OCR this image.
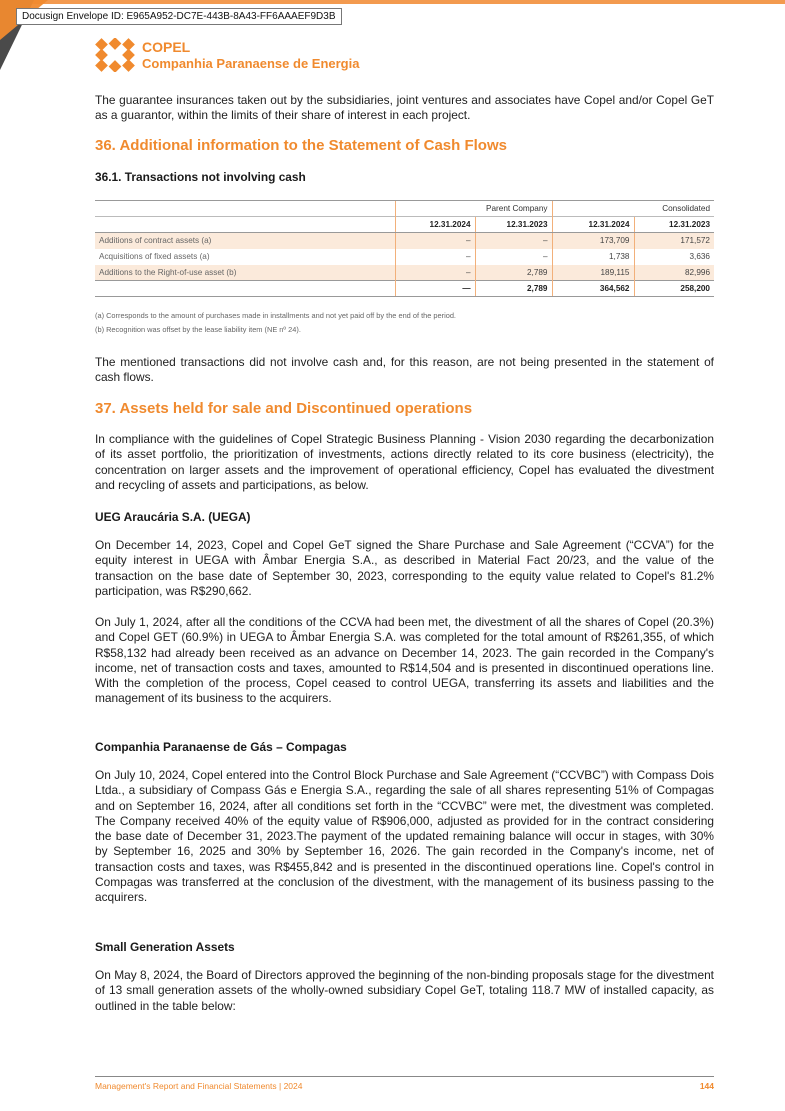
Docusign Envelope ID: E965A952-DC7E-443B-8A43-FF6AAAEF9D3B
COPEL
Companhia Paranaense de Energia

The guarantee insurances taken out by the subsidiaries, joint ventures and associates have Copel and/or Copel GeT as a guarantor, within the limits of their share of interest in each project.

36. Additional information to the Statement of Cash Flows
36.1. Transactions not involving cash
	Parent Company		Consolidated	
	12.31.2024	12.31.2023	12.31.2024	12.31.2023
Additions of contract assets (a)	–	–	173,709	171,572
Acquisitions of fixed assets (a)	–	–	1,738	3,636
Additions to the Right-of-use asset (b)	–	2,789	189,115	82,996
	—	2,789	364,562	258,200
(a) Corresponds to the amount of purchases made in installments and not yet paid off by the end of the period.
(b) Recognition was offset by the lease liability item (NE nº 24).

The mentioned transactions did not involve cash and, for this reason, are not being presented in the statement of cash flows.

37. Assets held for sale and Discontinued operations

In compliance with the guidelines of Copel Strategic Business Planning - Vision 2030 regarding the decarbonization of its asset portfolio, the prioritization of investments, actions directly related to its core business (electricity), the concentration on larger assets and the improvement of operational efficiency, Copel has evaluated the divestment and recycling of assets and participations, as below.

UEG Araucária S.A. (UEGA)

On December 14, 2023, Copel and Copel GeT signed the Share Purchase and Sale Agreement (“CCVA”) for the equity interest in UEGA with Âmbar Energia S.A., as described in Material Fact 20/23, and the value of the transaction on the base date of September 30, 2023, corresponding to the equity value related to Copel's 81.2% participation, was R$290,662.

On July 1, 2024, after all the conditions of the CCVA had been met, the divestment of all the shares of Copel (20.3%) and Copel GET (60.9%) in UEGA to Âmbar Energia S.A. was completed for the total amount of R$261,355, of which R$58,132 had already been received as an advance on December 14, 2023. The gain recorded in the Company's income, net of transaction costs and taxes, amounted to R$14,504 and is presented in discontinued operations line. With the completion of the process, Copel ceased to control UEGA, transferring its assets and liabilities and the management of its business to the acquirers.

Companhia Paranaense de Gás – Compagas

On July 10, 2024, Copel entered into the Control Block Purchase and Sale Agreement (“CCVBC”) with Compass Dois Ltda., a subsidiary of Compass Gás e Energia S.A., regarding the sale of all shares representing 51% of Compagas and on September 16, 2024, after all conditions set forth in the “CCVBC” were met, the divestment was completed. The Company received 40% of the equity value of R$906,000, adjusted as provided for in the contract considering the base date of December 31, 2023.The payment of the updated remaining balance will occur in stages, with 30% by September 16, 2025 and 30% by September 16, 2026. The gain recorded in the Company's income, net of transaction costs and taxes, was R$455,842 and is presented in the discontinued operations line. Copel's control in Compagas was transferred at the conclusion of the divestment, with the management of its business passing to the acquirers.

Small Generation Assets

On May 8, 2024, the Board of Directors approved the beginning of the non-binding proposals stage for the divestment of 13 small generation assets of the wholly-owned subsidiary Copel GeT, totaling 118.7 MW of installed capacity, as outlined in the table below:

Management's Report and Financial Statements | 2024	144
